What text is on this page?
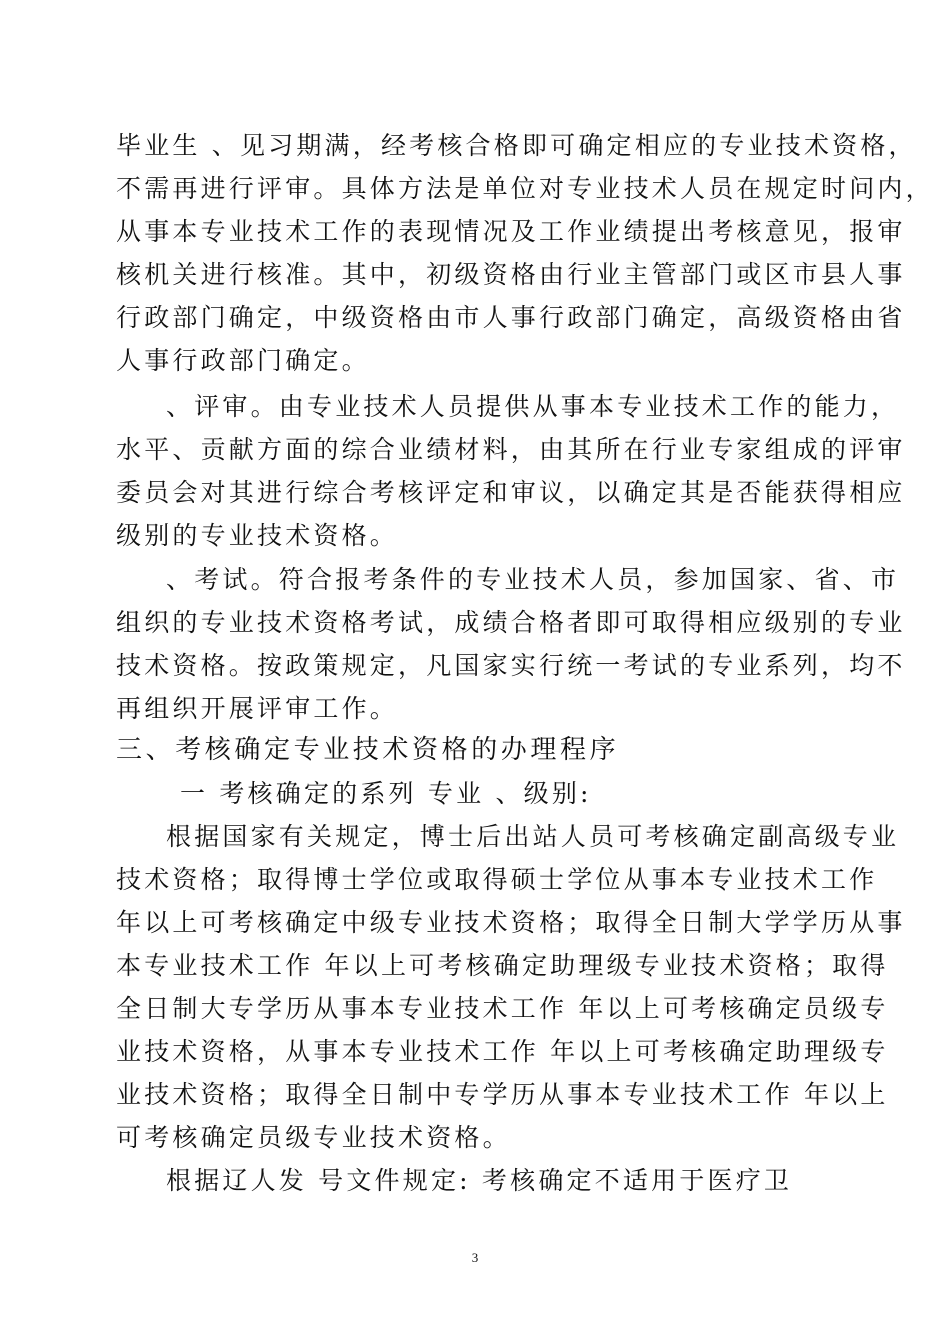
毕业生 、见习期满，经考核合格即可确定相应的专业技术资格，
不需再进行评审。具体方法是单位对专业技术人员在规定时问内，
从事本专业技术工作的表现情况及工作业绩提出考核意见，报审
核机关进行核准。其中，初级资格由行业主管部门或区市县人事
行政部门确定，中级资格由市人事行政部门确定，高级资格由省
人事行政部门确定。
、评审。由专业技术人员提供从事本专业技术工作的能力，
水平、贡献方面的综合业绩材料，由其所在行业专家组成的评审
委员会对其进行综合考核评定和审议，以确定其是否能获得相应
级别的专业技术资格。
、考试。符合报考条件的专业技术人员，参加国家、省、市
组织的专业技术资格考试，成绩合格者即可取得相应级别的专业
技术资格。按政策规定，凡国家实行统一考试的专业系列，均不
再组织开展评审工作。
三、考核确定专业技术资格的办理程序
一 考核确定的系列 专业 、级别:
根据国家有关规定，博士后出站人员可考核确定副高级专业
技术资格；取得博士学位或取得硕士学位从事本专业技术工作
年以上可考核确定中级专业技术资格；取得全日制大学学历从事
本专业技术工作 年以上可考核确定助理级专业技术资格；取得
全日制大专学历从事本专业技术工作 年以上可考核确定员级专
业技术资格，从事本专业技术工作 年以上可考核确定助理级专
业技术资格；取得全日制中专学历从事本专业技术工作 年以上
可考核确定员级专业技术资格。
根据辽人发 号文件规定: 考核确定不适用于医疗卫
3
